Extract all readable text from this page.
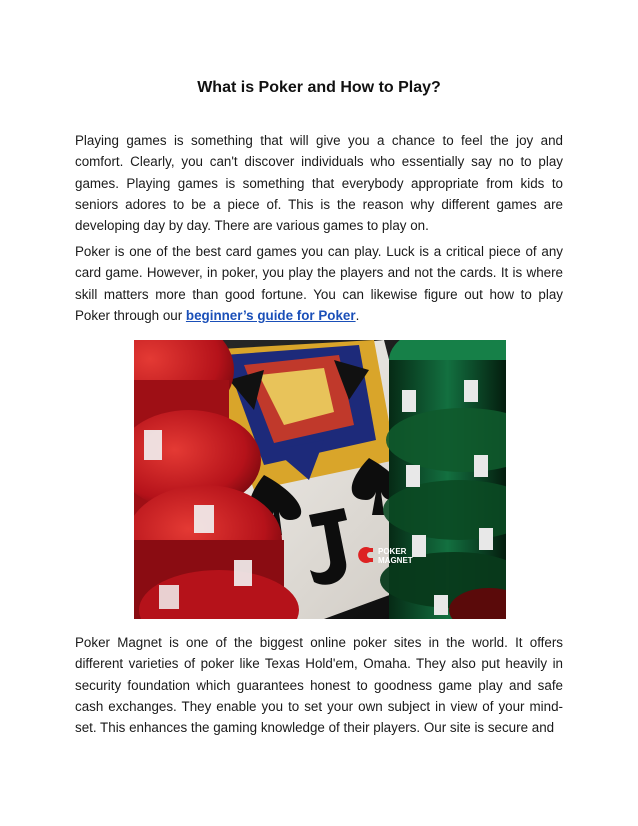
What is Poker and How to Play?

Playing games is something that will give you a chance to feel the joy and comfort. Clearly, you can't discover individuals who essentially say no to play games. Playing games is something that everybody appropriate from kids to seniors adores to be a piece of. This is the reason why different games are developing day by day. There are various games to play on.

Poker is one of the best card games you can play. Luck is a critical piece of any card game. However, in poker, you play the players and not the cards. It is where skill matters more than good fortune. You can likewise figure out how to play Poker through our beginner’s guide for Poker.

POKER
MAGNET

Poker Magnet is one of the biggest online poker sites in the world. It offers different varieties of poker like Texas Hold'em, Omaha. They also put heavily in security foundation which guarantees honest to goodness game play and safe cash exchanges. They enable you to set your own subject in view of your mind-set. This enhances the gaming knowledge of their players. Our site is secure and
